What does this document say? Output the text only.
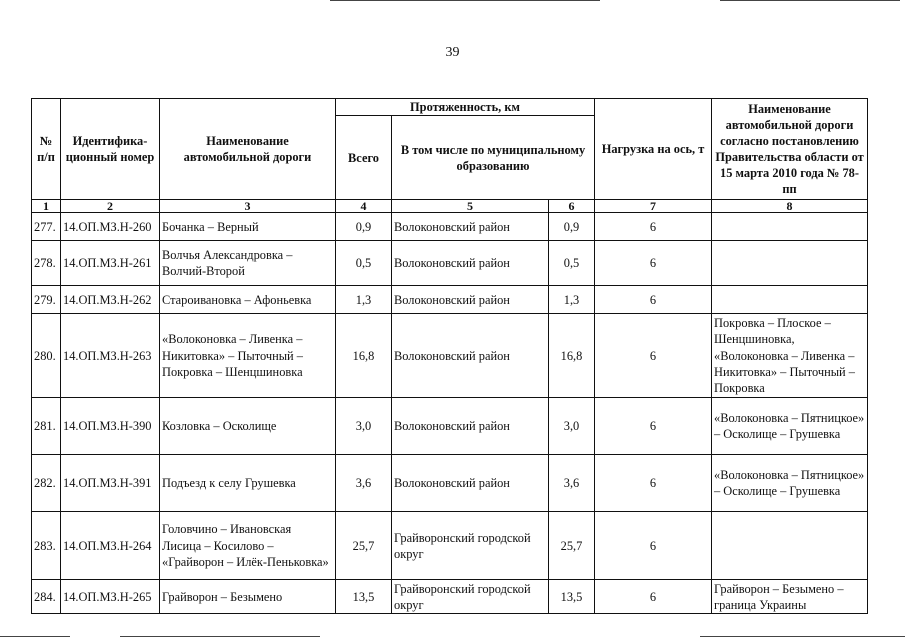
39
№ п/п	Идентифика-ционный номер	Наименование автомобильной дороги	Протяженность, км			Нагрузка на ось, т	Наименование автомобильной дороги согласно постановлению Правительства области от 15 марта 2010 года № 78-пп
			Всего	В том числе по муниципальному образованию			
1	2	3	4	5	6	7	8
277.	14.ОП.МЗ.Н-260	Бочанка – Верный	0,9	Волоконовский район	0,9	6	
278.	14.ОП.МЗ.Н-261	Волчья Александровка – Волчий-Второй	0,5	Волоконовский район	0,5	6	
279.	14.ОП.МЗ.Н-262	Староивановка – Афоньевка	1,3	Волоконовский район	1,3	6	
280.	14.ОП.МЗ.Н-263	«Волоконовка – Ливенка – Никитовка» – Пыточный – Покровка – Шенцшиновка	16,8	Волоконовский район	16,8	6	Покровка – Плоское – Шенцшиновка, «Волоконовка – Ливенка – Никитовка» – Пыточный – Покровка
281.	14.ОП.МЗ.Н-390	Козловка – Осколище	3,0	Волоконовский район	3,0	6	«Волоконовка – Пятницкое» – Осколище – Грушевка
282.	14.ОП.МЗ.Н-391	Подъезд к селу Грушевка	3,6	Волоконовский район	3,6	6	«Волоконовка – Пятницкое» – Осколище – Грушевка
283.	14.ОП.МЗ.Н-264	Головчино – Ивановская Лисица – Косилово – «Грайворон – Илёк-Пеньковка»	25,7	Грайворонский городской округ	25,7	6	
284.	14.ОП.МЗ.Н-265	Грайворон – Безымено	13,5	Грайворонский городской округ	13,5	6	Грайворон – Безымено – граница Украины
